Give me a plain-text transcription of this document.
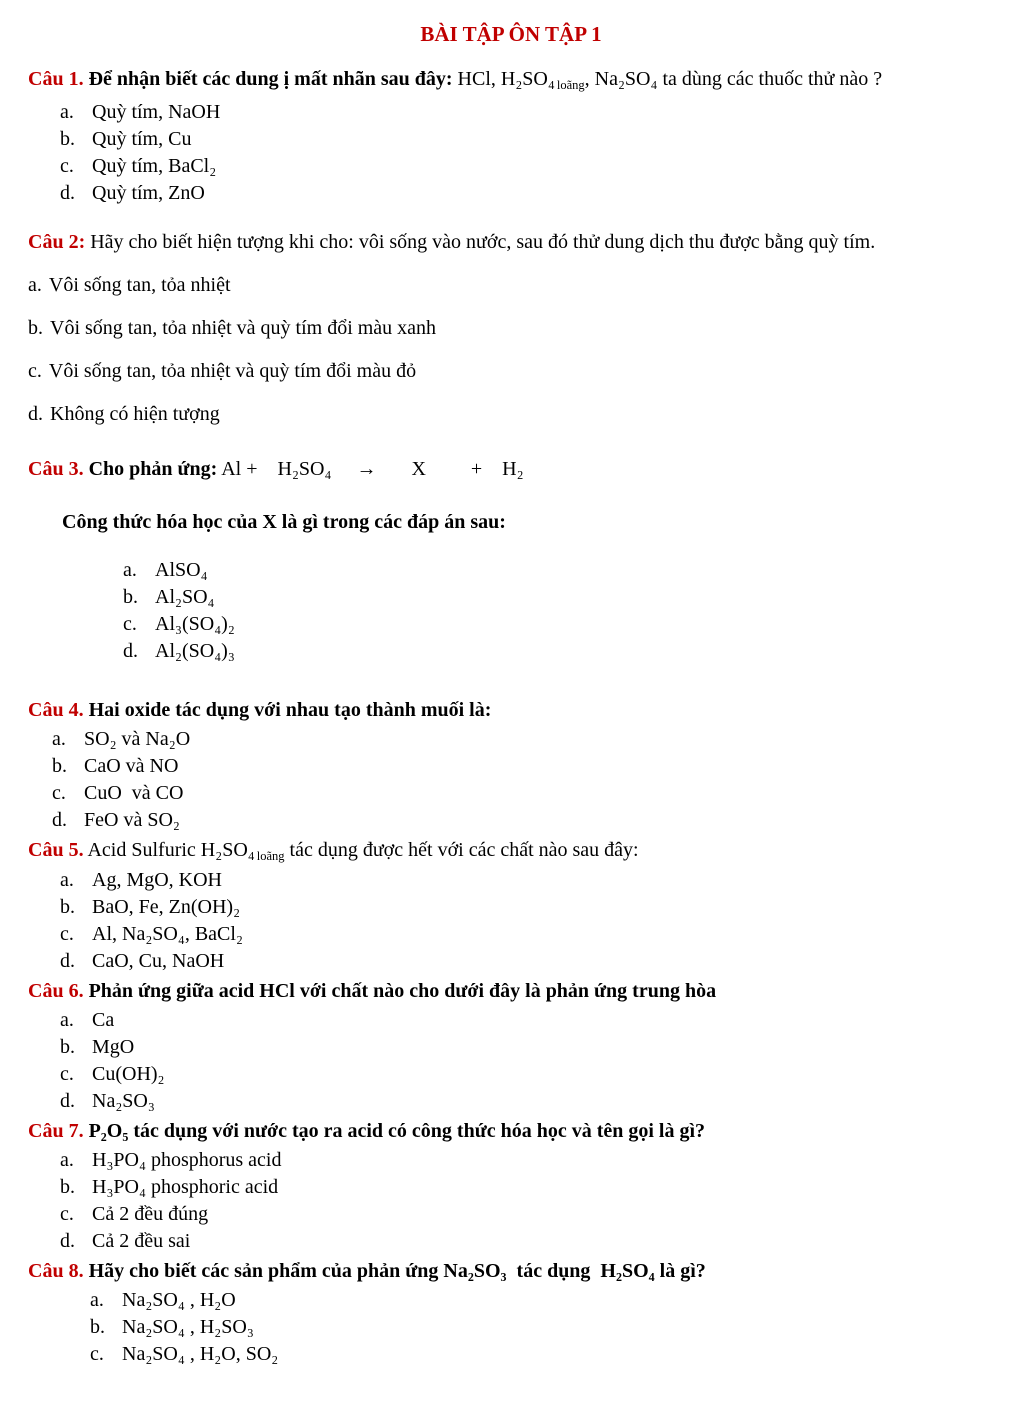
BÀI TẬP ÔN TẬP 1

Câu 1. Để nhận biết các dung ị mất nhãn sau đây: HCl, H₂SO₄ $_{loãng}$, Na₂SO₄ ta dùng các thuốc thử nào ?

a. Quỳ tím, NaOH
b. Quỳ tím, Cu
c. Quỳ tím, BaCl₂
d. Quỳ tím, ZnO

Câu 2: Hãy cho biết hiện tượng khi cho: vôi sống vào nước, sau đó thử dung dịch thu được bằng quỳ tím.

a. Vôi sống tan, tỏa nhiệt
b. Vôi sống tan, tỏa nhiệt và quỳ tím đổi màu xanh
c. Vôi sống tan, tỏa nhiệt và quỳ tím đổi màu đỏ
d. Không có hiện tượng

Câu 3. Cho phản ứng: Al +    H₂SO₄     →       X         +    H₂

Công thức hóa học của X là gì trong các đáp án sau:

a. AlSO₄
b. Al₂SO₄
c. Al₃(SO₄)₂
d. Al₂(SO₄)₃

Câu 4. Hai oxide tác dụng với nhau tạo thành muối là:

a. SO₂ và Na₂O
b. CaO và NO
c. CuO  và CO
d. FeO và SO₂

Câu 5. Acid Sulfuric H₂SO₄ $_{loãng}$ tác dụng được hết với các chất nào sau đây:

a. Ag, MgO, KOH
b. BaO, Fe, Zn(OH)₂
c. Al, Na₂SO₄, BaCl₂
d. CaO, Cu, NaOH

Câu 6. Phản ứng giữa acid HCl với chất nào cho dưới đây là phản ứng trung hòa

a. Ca
b. MgO
c. Cu(OH)₂
d. Na₂SO₃

Câu 7. P₂O₅ tác dụng với nước tạo ra acid có công thức hóa học và tên gọi là gì?

a. H₃PO₄ phosphorus acid
b. H₃PO₄ phosphoric acid
c. Cả 2 đều đúng
d. Cả 2 đều sai

Câu 8. Hãy cho biết các sản phẩm của phản ứng Na₂SO₃  tác dụng  H₂SO₄ là gì?

a. Na₂SO₄ , H₂O
b. Na₂SO₄ , H₂SO₃
c. Na₂SO₄ , H₂O, SO₂
